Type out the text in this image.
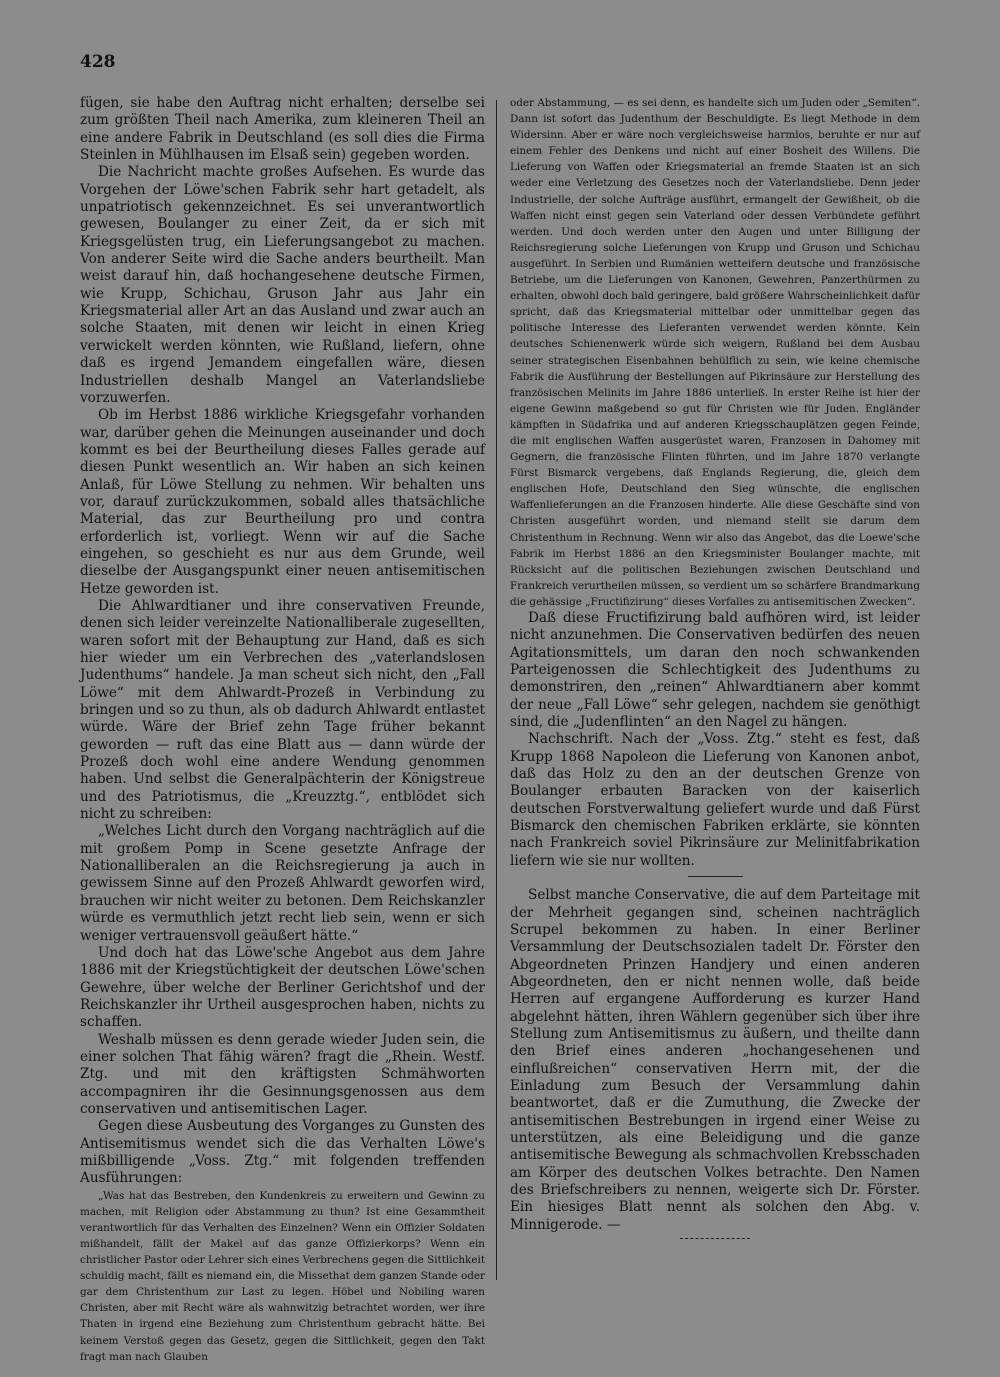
428

fügen, sie habe den Auftrag nicht erhalten; derselbe sei zum größten Theil nach Amerika, zum kleineren Theil an eine andere Fabrik in Deutschland (es soll dies die Firma Steinlen in Mühlhausen im Elsaß sein) gegeben worden.

Die Nachricht machte großes Aufsehen. Es wurde das Vorgehen der Löwe'schen Fabrik sehr hart getadelt, als unpatriotisch gekennzeichnet. Es sei unverantwortlich gewesen, Boulanger zu einer Zeit, da er sich mit Kriegsgelüsten trug, ein Lieferungsangebot zu machen. Von anderer Seite wird die Sache anders beurtheilt. Man weist darauf hin, daß hochangesehene deutsche Firmen, wie Krupp, Schichau, Gruson Jahr aus Jahr ein Kriegsmaterial aller Art an das Ausland und zwar auch an solche Staaten, mit denen wir leicht in einen Krieg verwickelt werden könnten, wie Rußland, liefern, ohne daß es irgend Jemandem eingefallen wäre, diesen Industriellen deshalb Mangel an Vaterlandsliebe vorzuwerfen.

Ob im Herbst 1886 wirkliche Kriegsgefahr vorhanden war, darüber gehen die Meinungen auseinander und doch kommt es bei der Beurtheilung dieses Falles gerade auf diesen Punkt wesentlich an. Wir haben an sich keinen Anlaß, für Löwe Stellung zu nehmen. Wir behalten uns vor, darauf zurückzukommen, sobald alles thatsächliche Material, das zur Beurtheilung pro und contra erforderlich ist, vorliegt. Wenn wir auf die Sache eingehen, so geschieht es nur aus dem Grunde, weil dieselbe der Ausgangspunkt einer neuen antisemitischen Hetze geworden ist.

Die Ahlwardtianer und ihre conservativen Freunde, denen sich leider vereinzelte Nationalliberale zugesellten, waren sofort mit der Behauptung zur Hand, daß es sich hier wieder um ein Verbrechen des „vaterlandslosen Judenthums“ handele. Ja man scheut sich nicht, den „Fall Löwe“ mit dem Ahlwardt-Prozeß in Verbindung zu bringen und so zu thun, als ob dadurch Ahlwardt entlastet würde. Wäre der Brief zehn Tage früher bekannt geworden — ruft das eine Blatt aus — dann würde der Prozeß doch wohl eine andere Wendung genommen haben. Und selbst die Generalpächterin der Königstreue und des Patriotismus, die „Kreuzztg.“, entblödet sich nicht zu schreiben:

„Welches Licht durch den Vorgang nachträglich auf die mit großem Pomp in Scene gesetzte Anfrage der Nationalliberalen an die Reichsregierung ja auch in gewissem Sinne auf den Prozeß Ahlwardt geworfen wird, brauchen wir nicht weiter zu betonen. Dem Reichskanzler würde es vermuthlich jetzt recht lieb sein, wenn er sich weniger vertrauensvoll geäußert hätte.“

Und doch hat das Löwe'sche Angebot aus dem Jahre 1886 mit der Kriegstüchtigkeit der deutschen Löwe'schen Gewehre, über welche der Berliner Gerichtshof und der Reichskanzler ihr Urtheil ausgesprochen haben, nichts zu schaffen.

Weshalb müssen es denn gerade wieder Juden sein, die einer solchen That fähig wären? fragt die „Rhein. Westf. Ztg. und mit den kräftigsten Schmähworten accompagniren ihr die Gesinnungsgenossen aus dem conservativen und antisemitischen Lager.

Gegen diese Ausbeutung des Vorganges zu Gunsten des Antisemitismus wendet sich die das Verhalten Löwe's mißbilligende „Voss. Ztg.“ mit folgenden treffenden Ausführungen:

„Was hat das Bestreben, den Kundenkreis zu erweitern und Gewinn zu machen, mit Religion oder Abstammung zu thun? Ist eine Gesammtheit verantwortlich für das Verhalten des Einzelnen? Wenn ein Offizier Soldaten mißhandelt, fällt der Makel auf das ganze Offizierkorps? Wenn ein christlicher Pastor oder Lehrer sich eines Verbrechens gegen die Sittlichkeit schuldig macht, fällt es niemand ein, die Missethat dem ganzen Stande oder gar dem Christenthum zur Last zu legen. Höbel und Nobiling waren Christen, aber mit Recht wäre als wahnwitzig betrachtet worden, wer ihre Thaten in irgend eine Beziehung zum Christenthum gebracht hätte. Bei keinem Verstoß gegen das Gesetz, gegen die Sittlichkeit, gegen den Takt fragt man nach Glauben

oder Abstammung, — es sei denn, es handelte sich um Juden oder „Semiten“. Dann ist sofort das Judenthum der Beschuldigte. Es liegt Methode in dem Widersinn. Aber er wäre noch vergleichsweise harmlos, beruhte er nur auf einem Fehler des Denkens und nicht auf einer Bosheit des Willens. Die Lieferung von Waffen oder Kriegsmaterial an fremde Staaten ist an sich weder eine Verletzung des Gesetzes noch der Vaterlandsliebe. Denn jeder Industrielle, der solche Aufträge ausführt, ermangelt der Gewißheit, ob die Waffen nicht einst gegen sein Vaterland oder dessen Verbündete geführt werden. Und doch werden unter den Augen und unter Billigung der Reichsregierung solche Lieferungen von Krupp und Gruson und Schichau ausgeführt. In Serbien und Rumänien wetteifern deutsche und französische Betriebe, um die Lieferungen von Kanonen, Gewehren, Panzerthürmen zu erhalten, obwohl doch bald geringere, bald größere Wahrscheinlichkeit dafür spricht, daß das Kriegsmaterial mittelbar oder unmittelbar gegen das politische Interesse des Lieferanten verwendet werden könnte. Kein deutsches Schienenwerk würde sich weigern, Rußland bei dem Ausbau seiner strategischen Eisenbahnen behülflich zu sein, wie keine chemische Fabrik die Ausführung der Bestellungen auf Pikrinsäure zur Herstellung des französischen Melinits im Jahre 1886 unterließ. In erster Reihe ist hier der eigene Gewinn maßgebend so gut für Christen wie für Juden. Engländer kämpften in Südafrika und auf anderen Kriegsschauplätzen gegen Feinde, die mit englischen Waffen ausgerüstet waren, Franzosen in Dahomey mit Gegnern, die französische Flinten führten, und im Jahre 1870 verlangte Fürst Bismarck vergebens, daß Englands Regierung, die, gleich dem englischen Hofe, Deutschland den Sieg wünschte, die englischen Waffenlieferungen an die Franzosen hinderte. Alle diese Geschäfte sind von Christen ausgeführt worden, und niemand stellt sie darum dem Christenthum in Rechnung. Wenn wir also das Angebot, das die Loewe'sche Fabrik im Herbst 1886 an den Kriegsminister Boulanger machte, mit Rücksicht auf die politischen Beziehungen zwischen Deutschland und Frankreich verurtheilen müssen, so verdient um so schärfere Brandmarkung die gehässige „Fructifizirung“ dieses Vorfalles zu antisemitischen Zwecken“.

Daß diese Fructifizirung bald aufhören wird, ist leider nicht anzunehmen. Die Conservativen bedürfen des neuen Agitationsmittels, um daran den noch schwankenden Parteigenossen die Schlechtigkeit des Judenthums zu demonstriren, den „reinen“ Ahlwardtianern aber kommt der neue „Fall Löwe“ sehr gelegen, nachdem sie genöthigt sind, die „Judenflinten“ an den Nagel zu hängen.

Nachschrift. Nach der „Voss. Ztg.“ steht es fest, daß Krupp 1868 Napoleon die Lieferung von Kanonen anbot, daß das Holz zu den an der deutschen Grenze von Boulanger erbauten Baracken von der kaiserlich deutschen Forstverwaltung geliefert wurde und daß Fürst Bismarck den chemischen Fabriken erklärte, sie könnten nach Frankreich soviel Pikrinsäure zur Melinitfabrikation liefern wie sie nur wollten.

Selbst manche Conservative, die auf dem Parteitage mit der Mehrheit gegangen sind, scheinen nachträglich Scrupel bekommen zu haben. In einer Berliner Versammlung der Deutschsozialen tadelt Dr. Förster den Abgeordneten Prinzen Handjery und einen anderen Abgeordneten, den er nicht nennen wolle, daß beide Herren auf ergangene Aufforderung es kurzer Hand abgelehnt hätten, ihren Wählern gegenüber sich über ihre Stellung zum Antisemitismus zu äußern, und theilte dann den Brief eines anderen „hochangesehenen und einflußreichen“ conservativen Herrn mit, der die Einladung zum Besuch der Versammlung dahin beantwortet, daß er die Zumuthung, die Zwecke der antisemitischen Bestrebungen in irgend einer Weise zu unterstützen, als eine Beleidigung und die ganze antisemitische Bewegung als schmachvollen Krebsschaden am Körper des deutschen Volkes betrachte. Den Namen des Briefschreibers zu nennen, weigerte sich Dr. Förster. Ein hiesiges Blatt nennt als solchen den Abg. v. Minnigerode. —
